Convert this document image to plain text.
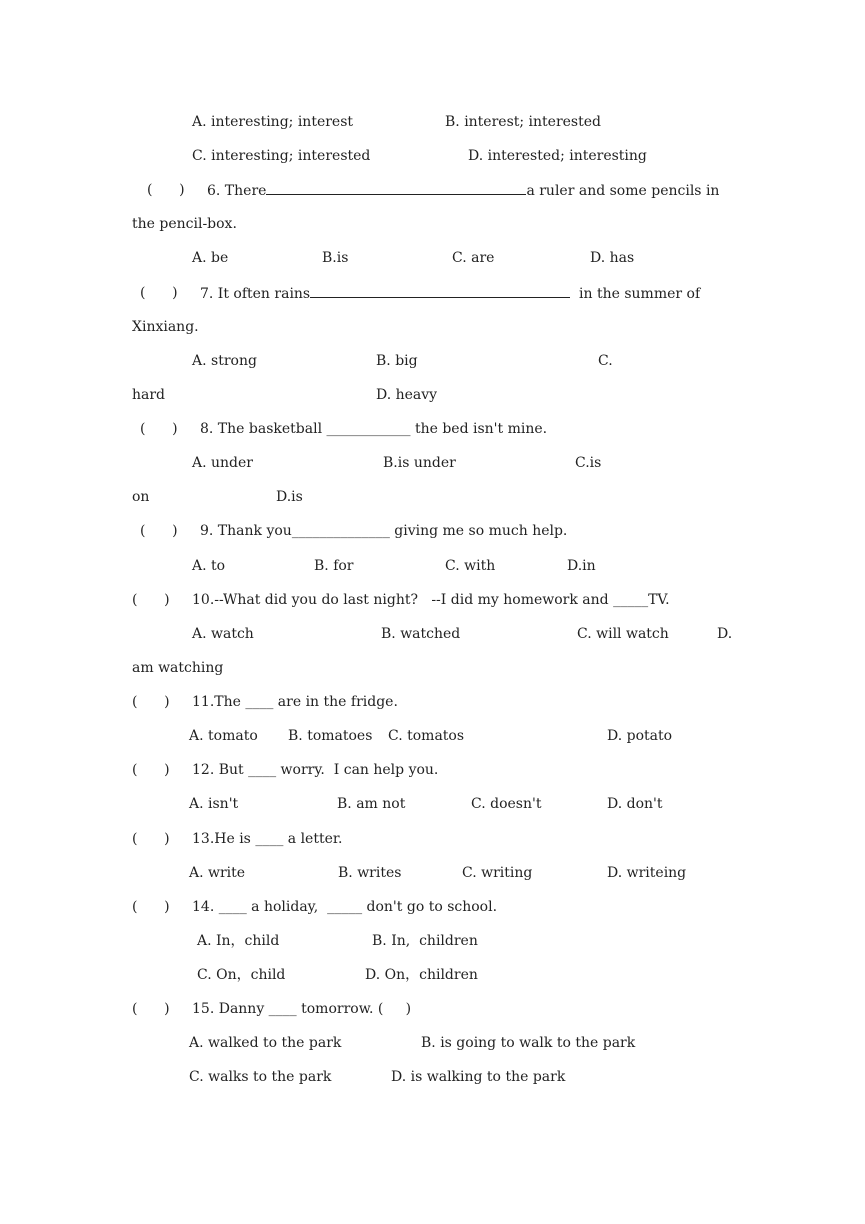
A. interesting; interest	B. interest; interested
C. interesting; interested	D. interested; interesting
(      ) 6. There	a ruler and some pencils in
the pencil-box.
A. be	B.is	C. are	D. has
(      ) 7. It often rains	in the summer of
Xinxiang.
A. strong	B. big	C.
hard	D. heavy
(      ) 8. The basketball ____________ the bed isn't mine.
A. under	B.is under	C.is
on	D.is
(      ) 9. Thank you______________ giving me so much help.
A. to	B. for	C. with	D.in
(      ) 10.--What did you do last night?   --I did my homework and _____TV.
A. watch	B. watched	C. will watch	D.
am watching
(      ) 11.The ____ are in the fridge.
A. tomato B. tomatoes C. tomatos	D. potato
(      ) 12. But ____ worry.  I can help you.
A. isn't	B. am not	C. doesn't	D. don't
(      ) 13.He is ____ a letter.
A. write	B. writes	C. writing	D. writeing
(      ) 14. ____ a holiday,  _____ don't go to school.
A. In，child	B. In,  children
C. On，child	D. On，children
(      ) 15. Danny ____ tomorrow. (     )
A. walked to the park	B. is going to walk to the park
C. walks to the park	D. is walking to the park
